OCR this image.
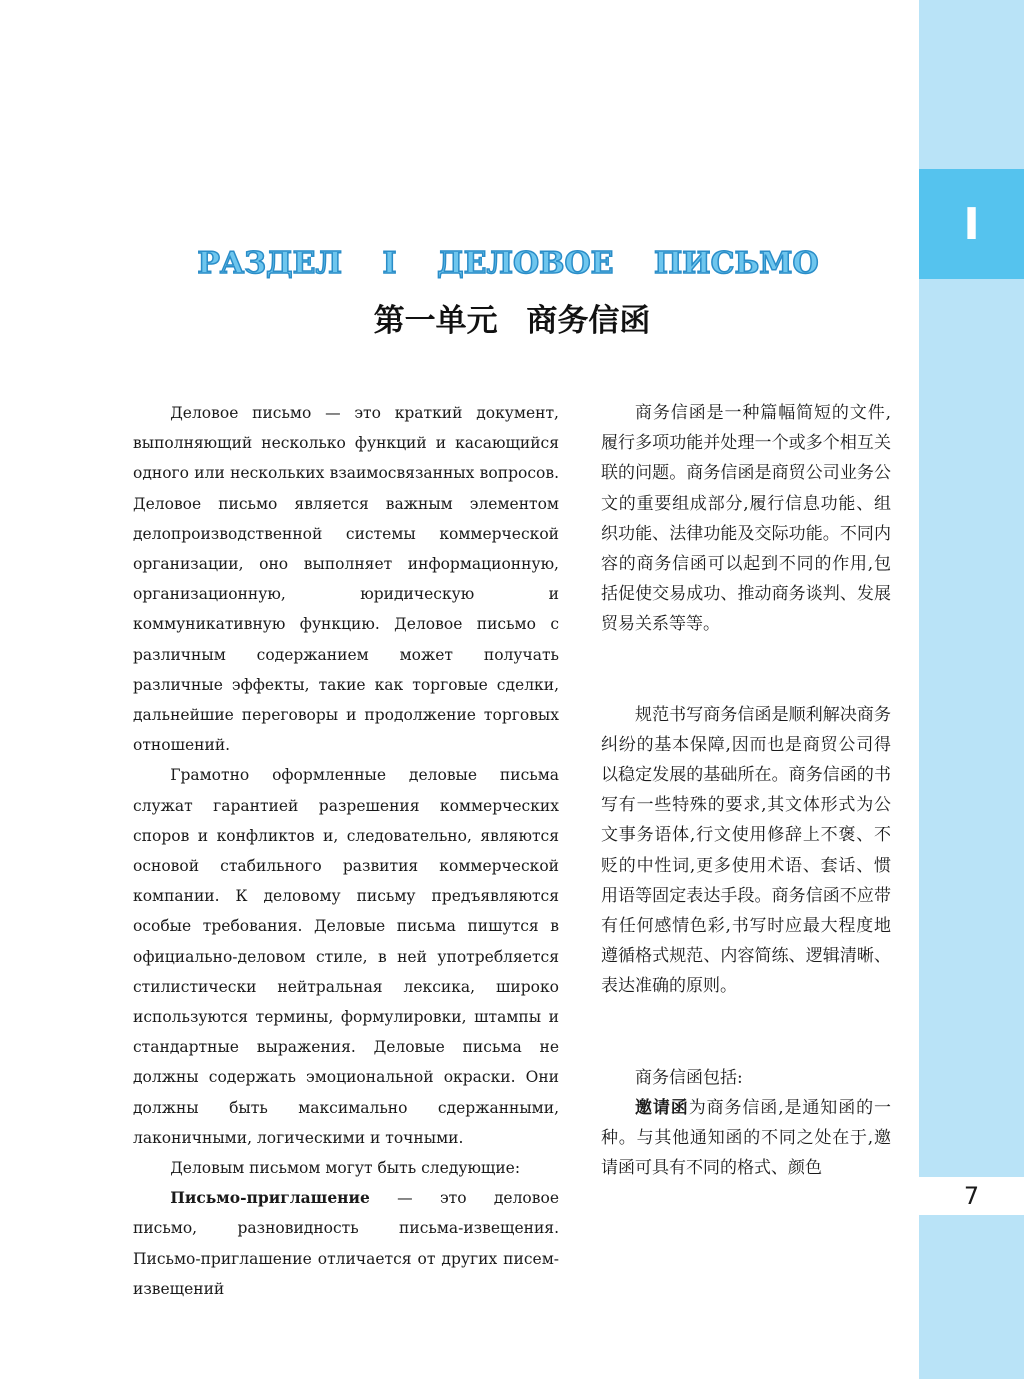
I
7
РАЗДЕЛ Ⅰ ДЕЛОВОЕ ПИСЬМО
第一单元 商务信函

Деловое письмо — это краткий документ, выполняющий несколько функций и касающийся одного или нескольких взаимосвязанных вопросов. Деловое письмо является важным элементом делопроизводственной системы коммерческой организации, оно выполняет информационную, организационную, юридическую и коммуникативную функцию. Деловое письмо с различным содержанием может получать различные эффекты, такие как торговые сделки, дальнейшие переговоры и продолжение торговых отношений.

Грамотно оформленные деловые письма служат гарантией разрешения коммерческих споров и конфликтов и, следовательно, являются основой стабильного развития коммерческой компании. К деловому письму предъявляются особые требования. Деловые письма пишутся в официально-деловом стиле, в ней употребляется стилистически нейтральная лексика, широко используются термины, формулировки, штампы и стандартные выражения. Деловые письма не должны содержать эмоциональной окраски. Они должны быть максимально сдержанными, лаконичными, логическими и точными.

Деловым письмом могут быть следующие:

Письмо-приглашение — это деловое письмо, разновидность письма-извещения. Письмо-приглашение отличается от других писем-извещений

商务信函是一种篇幅简短的文件,履行多项功能并处理一个或多个相互关联的问题。商务信函是商贸公司业务公文的重要组成部分,履行信息功能、组织功能、法律功能及交际功能。不同内容的商务信函可以起到不同的作用,包括促使交易成功、推动商务谈判、发展贸易关系等等。

规范书写商务信函是顺利解决商务纠纷的基本保障,因而也是商贸公司得以稳定发展的基础所在。商务信函的书写有一些特殊的要求,其文体形式为公文事务语体,行文使用修辞上不褒、不贬的中性词,更多使用术语、套话、惯用语等固定表达手段。商务信函不应带有任何感情色彩,书写时应最大程度地遵循格式规范、内容简练、逻辑清晰、表达准确的原则。

商务信函包括:

邀请函为商务信函,是通知函的一种。与其他通知函的不同之处在于,邀请函可具有不同的格式、颜色
